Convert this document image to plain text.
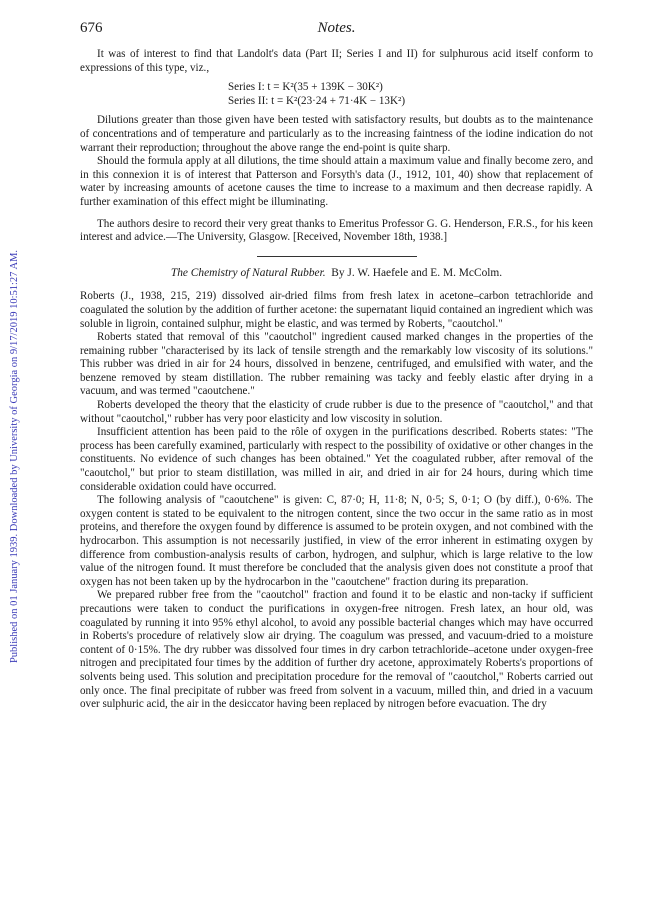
Published on 01 January 1939. Downloaded by University of Georgia on 9/17/2019 10:51:27 AM.
676	Notes.

It was of interest to find that Landolt's data (Part II; Series I and II) for sulphurous acid itself conform to expressions of this type, viz.,

Series I: t = K²(35 + 139K − 30K²)
Series II: t = K²(23·24 + 71·4K − 13K²)

Dilutions greater than those given have been tested with satisfactory results, but doubts as to the maintenance of concentrations and of temperature and particularly as to the increasing faintness of the iodine indication do not warrant their reproduction; throughout the above range the end-point is quite sharp.

Should the formula apply at all dilutions, the time should attain a maximum value and finally become zero, and in this connexion it is of interest that Patterson and Forsyth's data (J., 1912, 101, 40) show that replacement of water by increasing amounts of acetone causes the time to increase to a maximum and then decrease rapidly. A further examination of this effect might be illuminating.

The authors desire to record their very great thanks to Emeritus Professor G. G. Henderson, F.R.S., for his keen interest and advice.—The University, Glasgow. [Received, November 18th, 1938.]

The Chemistry of Natural Rubber. By J. W. Haefele and E. M. McColm.

Roberts (J., 1938, 215, 219) dissolved air-dried films from fresh latex in acetone–carbon tetrachloride and coagulated the solution by the addition of further acetone: the supernatant liquid contained an ingredient which was soluble in ligroin, contained sulphur, might be elastic, and was termed by Roberts, "caoutchol."

Roberts stated that removal of this "caoutchol" ingredient caused marked changes in the properties of the remaining rubber "characterised by its lack of tensile strength and the remarkably low viscosity of its solutions." This rubber was dried in air for 24 hours, dissolved in benzene, centrifuged, and emulsified with water, and the benzene removed by steam distillation. The rubber remaining was tacky and feebly elastic after drying in a vacuum, and was termed "caoutchene."

Roberts developed the theory that the elasticity of crude rubber is due to the presence of "caoutchol," and that without "caoutchol," rubber has very poor elasticity and low viscosity in solution.

Insufficient attention has been paid to the rôle of oxygen in the purifications described. Roberts states: "The process has been carefully examined, particularly with respect to the possibility of oxidative or other changes in the constituents. No evidence of such changes has been obtained." Yet the coagulated rubber, after removal of the "caoutchol," but prior to steam distillation, was milled in air, and dried in air for 24 hours, during which time considerable oxidation could have occurred.

The following analysis of "caoutchene" is given: C, 87·0; H, 11·8; N, 0·5; S, 0·1; O (by diff.), 0·6%. The oxygen content is stated to be equivalent to the nitrogen content, since the two occur in the same ratio as in most proteins, and therefore the oxygen found by difference is assumed to be protein oxygen, and not combined with the hydrocarbon. This assumption is not necessarily justified, in view of the error inherent in estimating oxygen by difference from combustion-analysis results of carbon, hydrogen, and sulphur, which is large relative to the low value of the nitrogen found. It must therefore be concluded that the analysis given does not constitute a proof that oxygen has not been taken up by the hydrocarbon in the "caoutchene" fraction during its preparation.

We prepared rubber free from the "caoutchol" fraction and found it to be elastic and non-tacky if sufficient precautions were taken to conduct the purifications in oxygen-free nitrogen. Fresh latex, an hour old, was coagulated by running it into 95% ethyl alcohol, to avoid any possible bacterial changes which may have occurred in Roberts's procedure of relatively slow air drying. The coagulum was pressed, and vacuum-dried to a moisture content of 0·15%. The dry rubber was dissolved four times in dry carbon tetrachloride–acetone under oxygen-free nitrogen and precipitated four times by the addition of further dry acetone, approximately Roberts's proportions of solvents being used. This solution and precipitation procedure for the removal of "caoutchol," Roberts carried out only once. The final precipitate of rubber was freed from solvent in a vacuum, milled thin, and dried in a vacuum over sulphuric acid, the air in the desiccator having been replaced by nitrogen before evacuation. The dry
